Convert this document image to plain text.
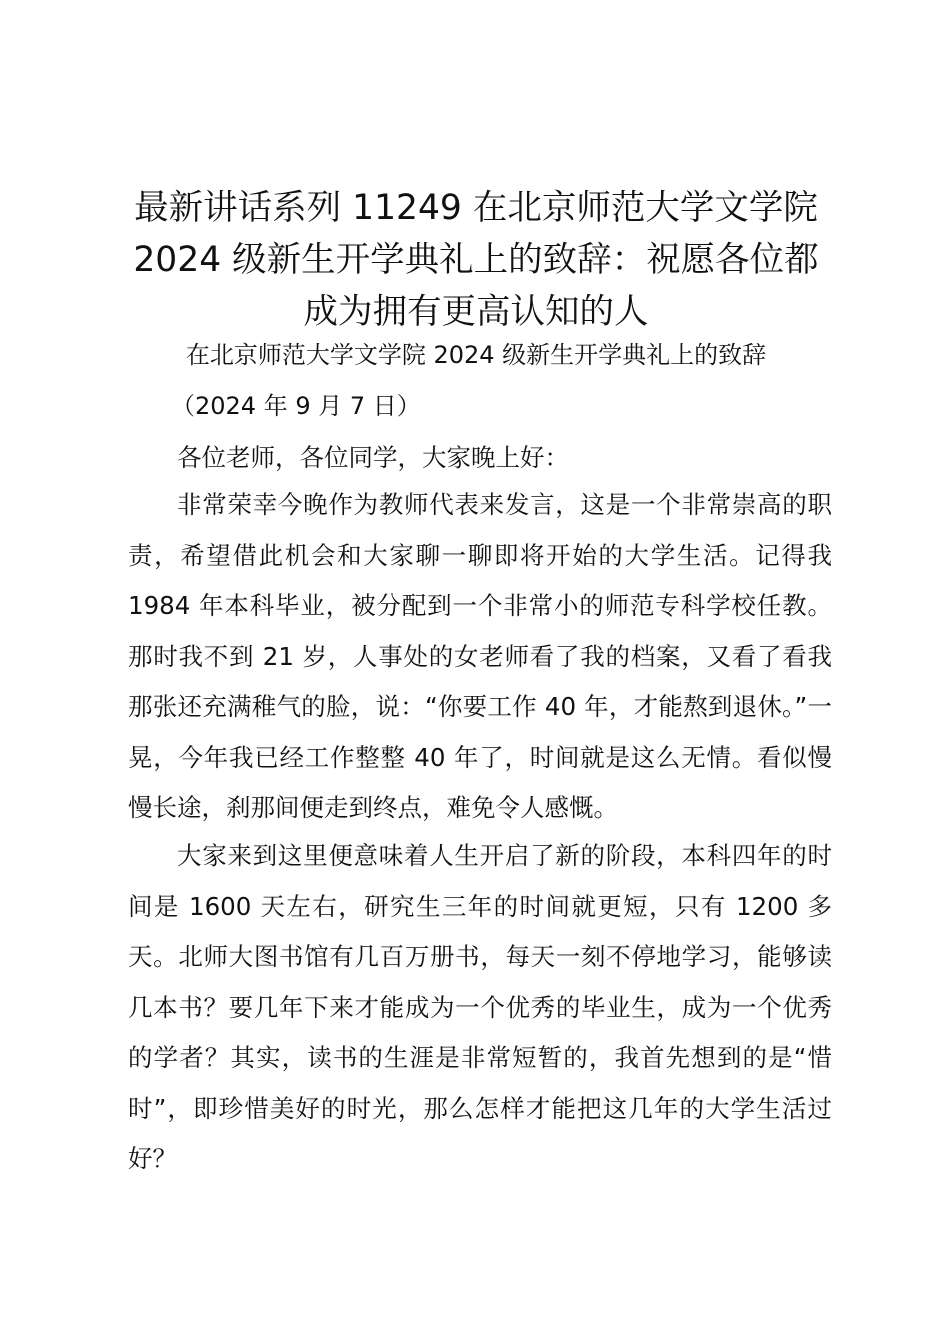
最新讲话系列 11249 在北京师范大学文学院 2024 级新生开学典礼上的致辞：祝愿各位都成为拥有更高认知的人

在北京师范大学文学院 2024 级新生开学典礼上的致辞

（2024 年 9 月 7 日）

各位老师，各位同学，大家晚上好：

非常荣幸今晚作为教师代表来发言，这是一个非常崇高的职责，希望借此机会和大家聊一聊即将开始的大学生活。记得我 1984 年本科毕业，被分配到一个非常小的师范专科学校任教。那时我不到 21 岁，人事处的女老师看了我的档案，又看了看我那张还充满稚气的脸，说：“你要工作 40 年，才能熬到退休。”一晃，今年我已经工作整整 40 年了，时间就是这么无情。看似慢慢长途，刹那间便走到终点，难免令人感慨。

大家来到这里便意味着人生开启了新的阶段，本科四年的时间是 1600 天左右，研究生三年的时间就更短，只有 1200 多天。北师大图书馆有几百万册书，每天一刻不停地学习，能够读几本书？要几年下来才能成为一个优秀的毕业生，成为一个优秀的学者？其实，读书的生涯是非常短暂的，我首先想到的是“惜时”，即珍惜美好的时光，那么怎样才能把这几年的大学生活过好？
